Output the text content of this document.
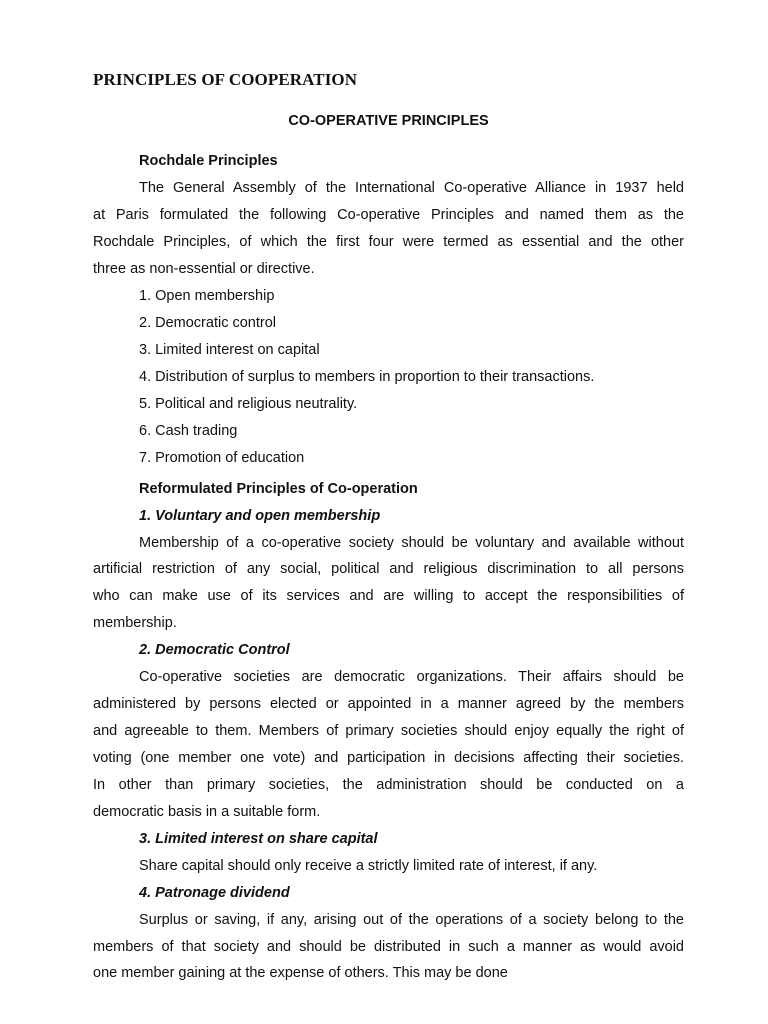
PRINCIPLES OF COOPERATION
CO-OPERATIVE PRINCIPLES
Rochdale Principles
The General Assembly of the International Co-operative Alliance in 1937 held
at Paris formulated the following Co-operative Principles and named them as the
Rochdale Principles, of which the first four were termed as essential and the other
three as non-essential or directive.
1. Open membership
2. Democratic control
3. Limited interest on capital
4. Distribution of surplus to members in proportion to their transactions.
5. Political and religious neutrality.
6. Cash trading
7. Promotion of education
Reformulated Principles of Co-operation
1. Voluntary and open membership
Membership of a co-operative society should be voluntary and available without
artificial restriction of any social, political and religious discrimination to all persons
who can make use of its services and are willing to accept the responsibilities of
membership.
2. Democratic Control
Co-operative societies are democratic organizations. Their affairs should be
administered by persons elected or appointed in a manner agreed by the members
and agreeable to them. Members of primary societies should enjoy equally the right of
voting (one member one vote) and participation in decisions affecting their societies.
In other than primary societies, the administration should be conducted on a
democratic basis in a suitable form.
3. Limited interest on share capital
Share capital should only receive a strictly limited rate of interest, if any.
4. Patronage dividend
Surplus or saving, if any, arising out of the operations of a society belong to the
members of that society and should be distributed in such a manner as would avoid
one member gaining at the expense of others. This may be done
